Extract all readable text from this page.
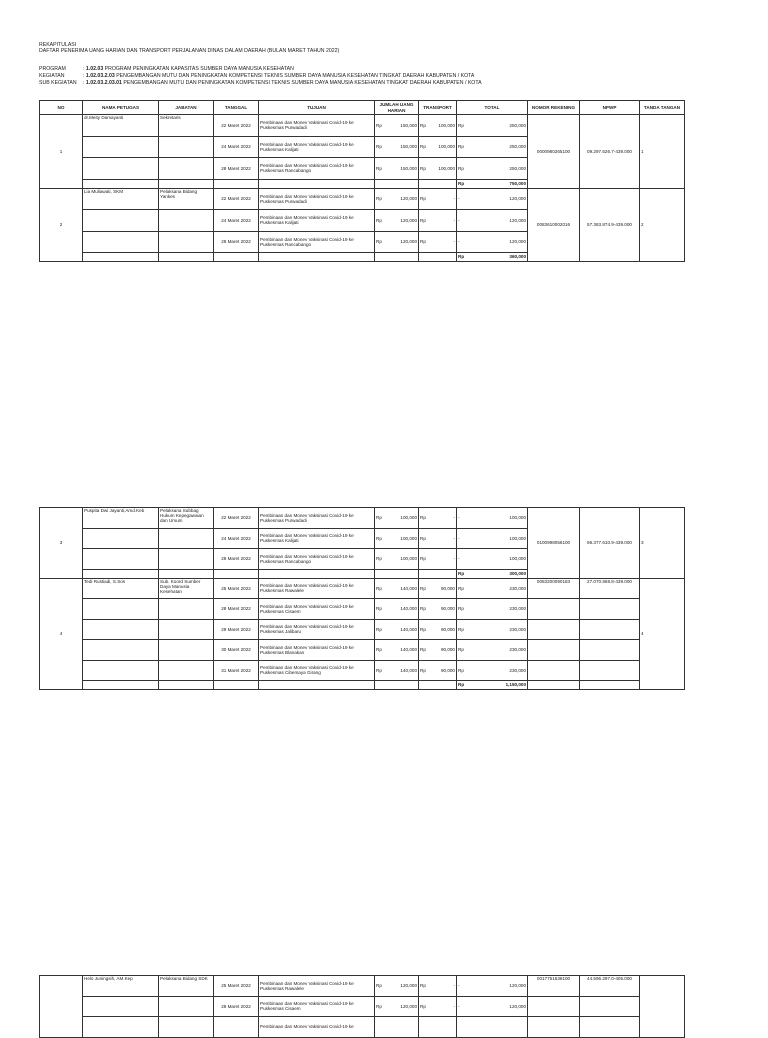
REKAPITULASI
DAFTAR PENERIMA UANG HARIAN DAN TRANSPORT PERJALANAN DINAS DALAM DAERAH (BULAN MARET TAHUN 2022)
PROGRAM	: 1.02.03 PROGRAM PENINGKATAN KAPASITAS SUMBER DAYA MANUSIA KESEHATAN
KEGIATAN	: 1.02.03.2.03 PENGEMBANGAN MUTU DAN PENINGKATAN KOMPETENSI TEKNIS SUMBER DAYA MANUSIA KESEHATAN TINGKAT DAERAH KABUPATEN / KOTA
SUB KEGIATAN : 1.02.03.2.03.01 PENGEMBANGAN MUTU DAN PENINGKATAN KOMPETENSI TEKNIS SUMBER DAYA MANUSIA KESEHATAN TINGKAT DAERAH KABUPATEN / KOTA
NO	NAMA PETUGAS	JABATAN	TANGGAL	TUJUAN	JUMLAH UANG HARIAN	TRANSPORT	TOTAL	NOMOR REKENING	NPWP	TANDA TANGAN
1	dr.Meity Damayanti	Sekretaris	22 Maret 2022	Pembinaan dan Monev Vaksinasi Covid-19 ke Puskesmas Purwadadi	Rp 150,000	Rp 100,000	Rp 250,000	0000980265100	09.297.526.7-439.000	1
			24 Maret 2022	Pembinaan dan Monev Vaksinasi Covid-19 ke Puskesmas Kalijati	Rp 150,000	Rp 100,000	Rp 250,000			

			28 Maret 2022	Pembinaan dan Monev Vaksinasi Covid-19 ke Puskesmas Rancabango	Rp 150,000	Rp 100,000	Rp 250,000			

							Rp 750,000			

2	Lia Muliawati, SKM	Pelaksana Bidang Yankes	22 Maret 2022	Pembinaan dan Monev Vaksinasi Covid-19 ke Puskesmas Purwadadi	Rp 120,000	Rp -	- 120,000	0083610002016	57.363.874.9-439.000	2
			24 Maret 2022	Pembinaan dan Monev Vaksinasi Covid-19 ke Puskesmas Kalijati	Rp 120,000	Rp -	- 120,000			

			28 Maret 2022	Pembinaan dan Monev Vaksinasi Covid-19 ke Puskesmas Rancabango	Rp 120,000	Rp -	- 120,000			

							Rp 360,000			
3	Puspita Dwi Jayanti,Amd.Keb	Pelaksana Subbag Hukum Kepegawaian dan Umum	22 Maret 2022	Pembinaan dan Monev Vaksinasi Covid-19 ke Puskesmas Purwadadi	Rp 100,000	Rp -	- 100,000	0100998056100	96.377.610.9-439.000	3
			24 Maret 2022	Pembinaan dan Monev Vaksinasi Covid-19 ke Puskesmas Kalijati	Rp 100,000	Rp -	- 100,000			

			28 Maret 2022	Pembinaan dan Monev Vaksinasi Covid-19 ke Puskesmas Rancabango	Rp 100,000	Rp -	- 100,000			

							Rp 300,000			

4	Tedi Rustiadi, S.Sos	Sub. Koord Sumber Daya Manusia Kesehatan	25 Maret 2022	Pembinaan dan Monev Vaksinasi Covid-19 ke Puskesmas Rawalele	Rp 140,000	Rp 90,000	Rp 230,000	0083200090183	27.070.868.8-439.000	4
			28 Maret 2022	Pembinaan dan Monev Vaksinasi Covid-19 ke Puskesmas Cisaem	Rp 140,000	Rp 90,000	Rp 230,000			

			29 Maret 2022	Pembinaan dan Monev Vaksinasi Covid-19 ke Puskesmas Jalibaru	Rp 140,000	Rp 90,000	Rp 230,000			

			30 Maret 2022	Pembinaan dan Monev Vaksinasi Covid-19 ke Puskesmas Blanakan	Rp 140,000	Rp 90,000	Rp 230,000			

			31 Maret 2022	Pembinaan dan Monev Vaksinasi Covid-19 ke Puskesmas Cibemaya Girang	Rp 140,000	Rp 90,000	Rp 230,000			

							Rp 1,150,000			

	Helo Juningsih, AM.Kep	Pelaksana Bidang SDK	25 Maret 2022	Pembinaan dan Monev Vaksinasi Covid-19 ke Puskesmas Rawalele	Rp 120,000	Rp -	- 120,000	0017751638100	44.596.297.0-405.000	
			28 Maret 2022	Pembinaan dan Monev Vaksinasi Covid-19 ke Puskesmas Cisaem	Rp 120,000	Rp -	- 120,000			

				Pembinaan dan Monev Vaksinasi Covid-19 ke						
